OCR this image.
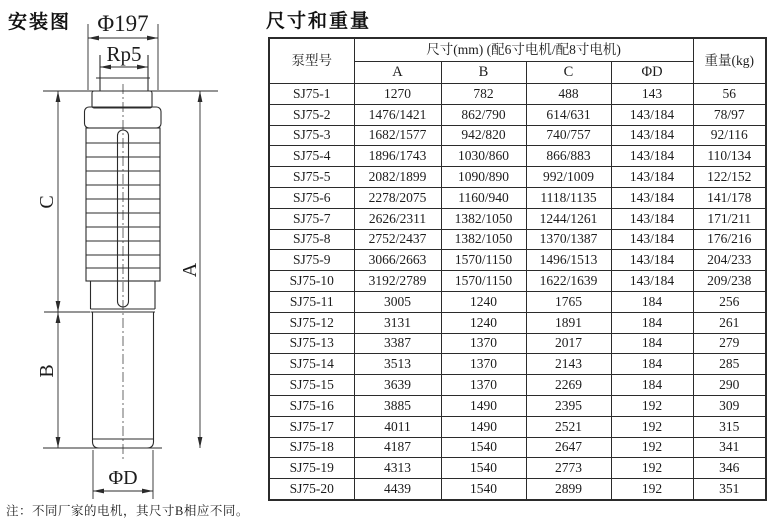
安装图 Φ197
Rp5
C
B
A
ΦD
注：不同厂家的电机，其尺寸B相应不同。
尺寸和重量
泵型号	尺寸(mm) (配6寸电机/配8寸电机)				重量(kg)
	A	B	C	ΦD	
SJ75-1	1270	782	488	143	56
SJ75-2	1476/1421	862/790	614/631	143/184	78/97
SJ75-3	1682/1577	942/820	740/757	143/184	92/116
SJ75-4	1896/1743	1030/860	866/883	143/184	110/134
SJ75-5	2082/1899	1090/890	992/1009	143/184	122/152
SJ75-6	2278/2075	1160/940	1118/1135	143/184	141/178
SJ75-7	2626/2311	1382/1050	1244/1261	143/184	171/211
SJ75-8	2752/2437	1382/1050	1370/1387	143/184	176/216
SJ75-9	3066/2663	1570/1150	1496/1513	143/184	204/233
SJ75-10	3192/2789	1570/1150	1622/1639	143/184	209/238
SJ75-11	3005	1240	1765	184	256
SJ75-12	3131	1240	1891	184	261
SJ75-13	3387	1370	2017	184	279
SJ75-14	3513	1370	2143	184	285
SJ75-15	3639	1370	2269	184	290
SJ75-16	3885	1490	2395	192	309
SJ75-17	4011	1490	2521	192	315
SJ75-18	4187	1540	2647	192	341
SJ75-19	4313	1540	2773	192	346
SJ75-20	4439	1540	2899	192	351
